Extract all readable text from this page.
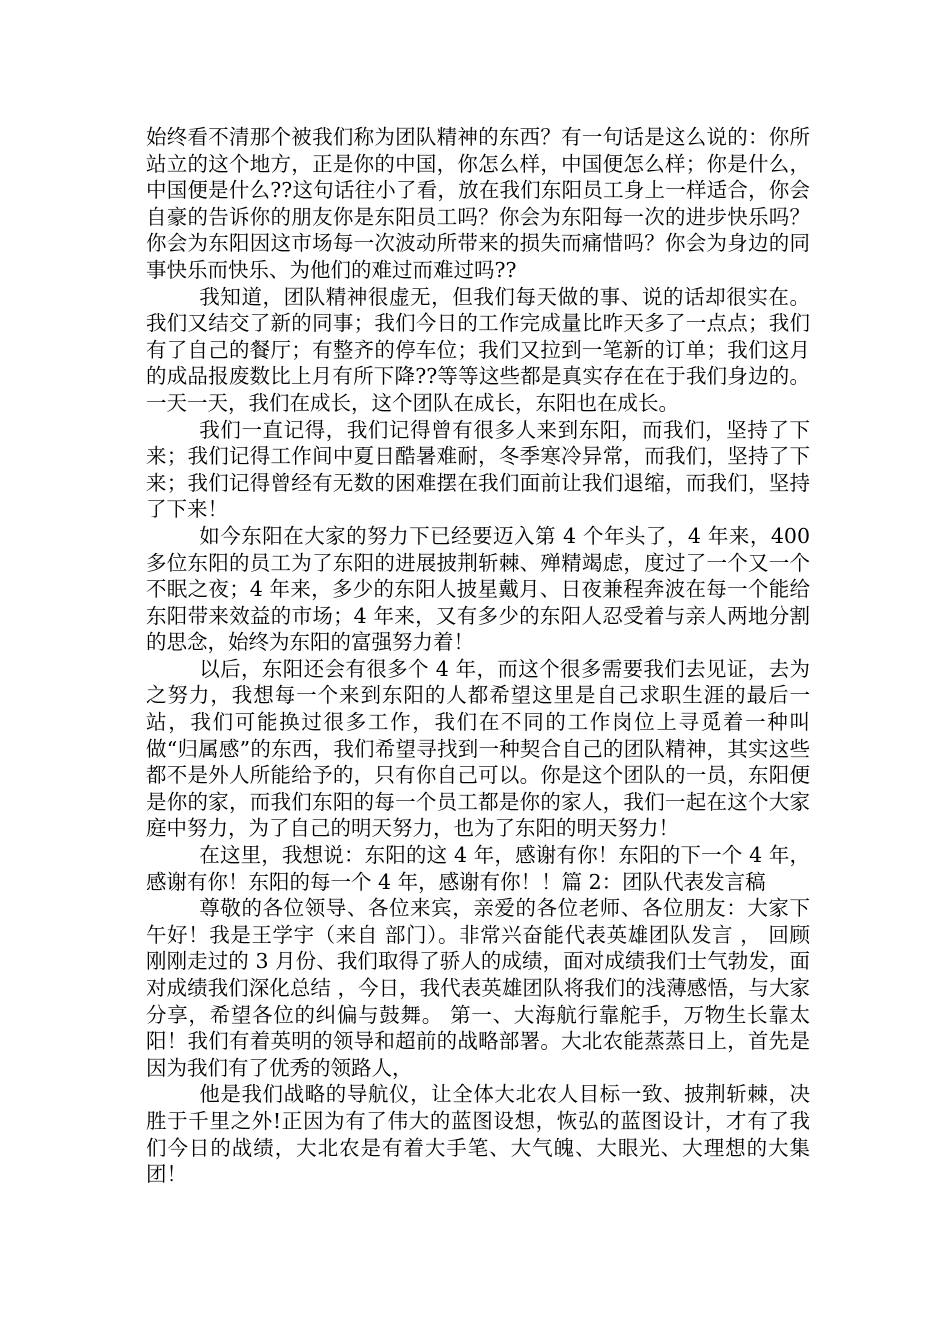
始终看不清那个被我们称为团队精神的东西？有一句话是这么说的：你所站立的这个地方，正是你的中国，你怎么样，中国便怎么样；你是什么，中国便是什么??这句话往小了看，放在我们东阳员工身上一样适合，你会自豪的告诉你的朋友你是东阳员工吗？你会为东阳每一次的进步快乐吗？你会为东阳因这市场每一次波动所带来的损失而痛惜吗？你会为身边的同事快乐而快乐、为他们的难过而难过吗??

我知道，团队精神很虚无，但我们每天做的事、说的话却很实在。我们又结交了新的同事；我们今日的工作完成量比昨天多了一点点；我们有了自己的餐厅；有整齐的停车位；我们又拉到一笔新的订单；我们这月的成品报废数比上月有所下降??等等这些都是真实存在在于我们身边的。一天一天，我们在成长，这个团队在成长，东阳也在成长。

我们一直记得，我们记得曾有很多人来到东阳，而我们，坚持了下来；我们记得工作间中夏日酷暑难耐，冬季寒冷异常，而我们，坚持了下来；我们记得曾经有无数的困难摆在我们面前让我们退缩，而我们，坚持了下来！

如今东阳在大家的努力下已经要迈入第 4 个年头了，4 年来，400 多位东阳的员工为了东阳的进展披荆斩棘、殚精竭虑，度过了一个又一个不眠之夜；4 年来，多少的东阳人披星戴月、日夜兼程奔波在每一个能给东阳带来效益的市场；4 年来，又有多少的东阳人忍受着与亲人两地分割的思念，始终为东阳的富强努力着！

以后，东阳还会有很多个 4 年，而这个很多需要我们去见证，去为之努力，我想每一个来到东阳的人都希望这里是自己求职生涯的最后一站，我们可能换过很多工作，我们在不同的工作岗位上寻觅着一种叫做“归属感”的东西，我们希望寻找到一种契合自己的团队精神，其实这些都不是外人所能给予的，只有你自己可以。你是这个团队的一员，东阳便是你的家，而我们东阳的每一个员工都是你的家人，我们一起在这个大家庭中努力，为了自己的明天努力，也为了东阳的明天努力！

在这里，我想说：东阳的这 4 年，感谢有你！东阳的下一个 4 年，感谢有你！东阳的每一个 4 年，感谢有你！！篇 2：团队代表发言稿

尊敬的各位领导、各位来宾，亲爱的各位老师、各位朋友：大家下午好！我是王学宇（来自 部门）。非常兴奋能代表英雄团队发言 ， 回顾刚刚走过的 3 月份、我们取得了骄人的成绩，面对成绩我们士气勃发，面对成绩我们深化总结 ，今日，我代表英雄团队将我们的浅薄感悟，与大家分享，希望各位的纠偏与鼓舞。 第一、大海航行靠舵手，万物生长靠太阳！我们有着英明的领导和超前的战略部署。大北农能蒸蒸日上，首先是因为我们有了优秀的领路人，

他是我们战略的导航仪，让全体大北农人目标一致、披荆斩棘，决胜于千里之外!正因为有了伟大的蓝图设想，恢弘的蓝图设计，才有了我们今日的战绩，大北农是有着大手笔、大气魄、大眼光、大理想的大集团！
